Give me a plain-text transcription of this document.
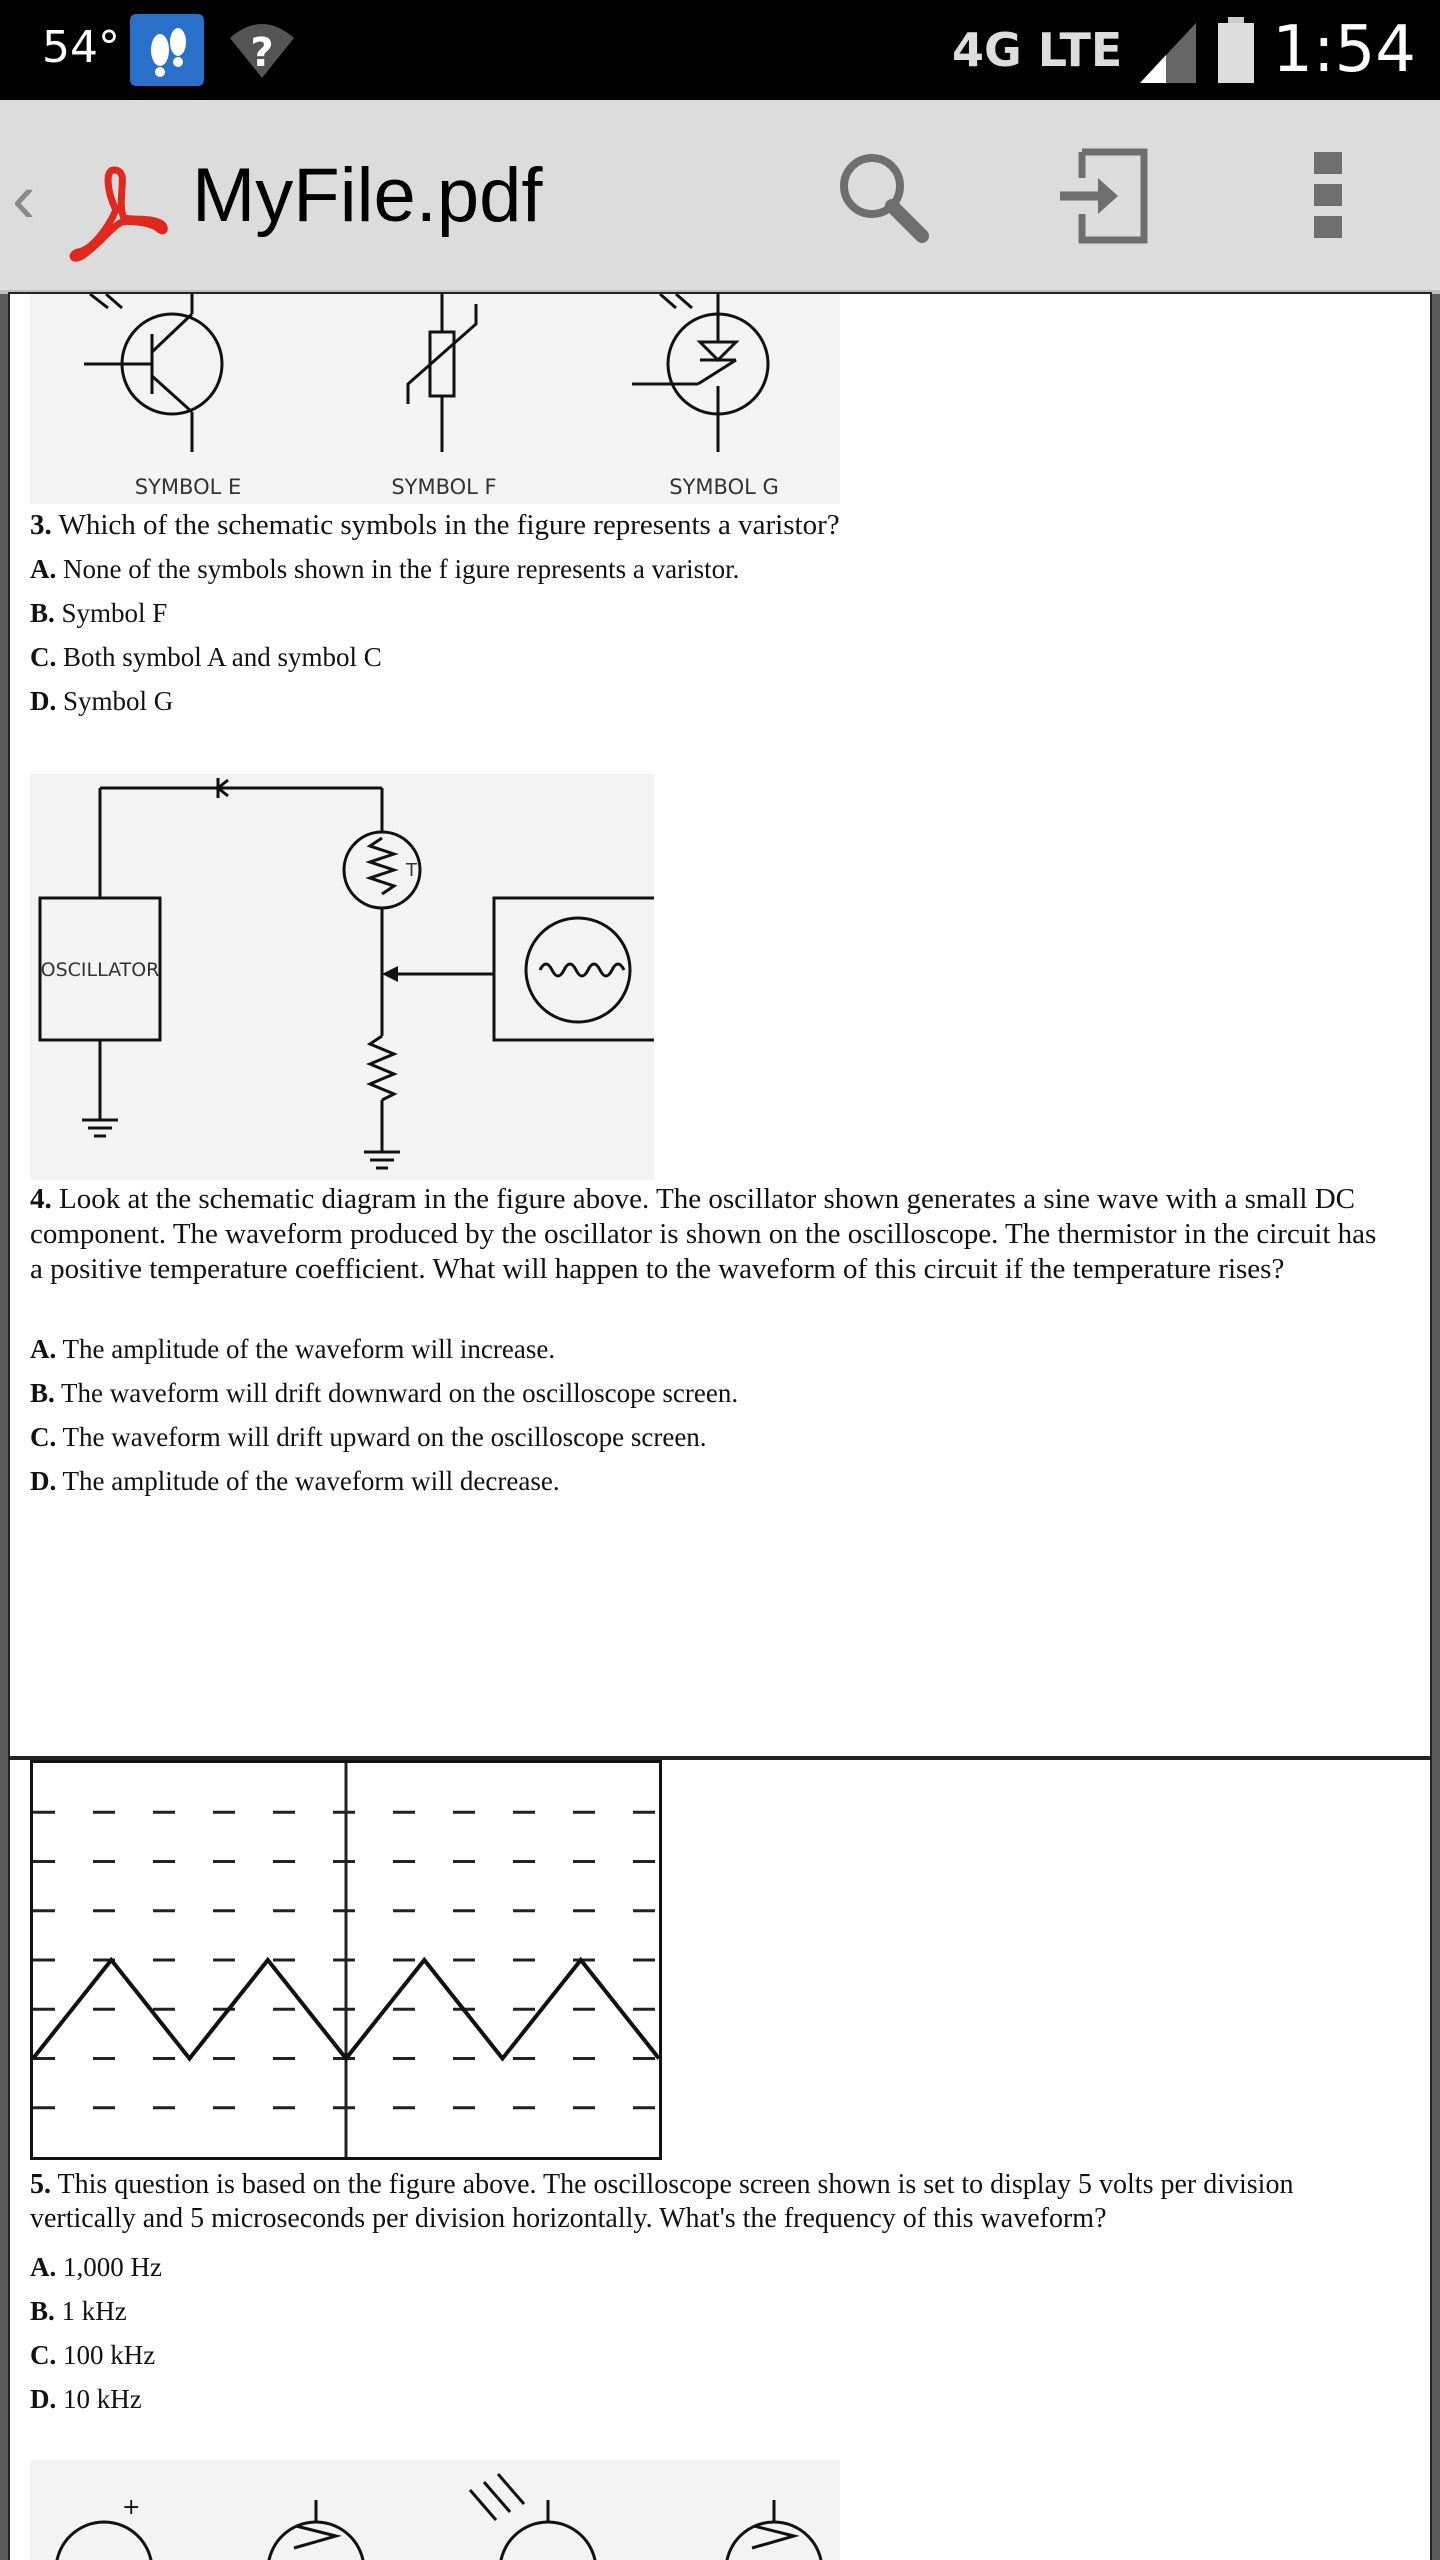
54°	?	4G LTE 1:54
‹ MyFile.pdf
SYMBOL E	SYMBOL F	SYMBOL G
3. Which of the schematic symbols in the figure represents a varistor?
A. None of the symbols shown in the f igure represents a varistor.
B. Symbol F
C. Both symbol A and symbol C
D. Symbol G
OSCILLATOR
T
4. Look at the schematic diagram in the figure above. The oscillator shown generates a sine wave with a small DC component. The waveform produced by the oscillator is shown on the oscilloscope. The thermistor in the circuit has a positive temperature coefficient. What will happen to the waveform of this circuit if the temperature rises?
A. The amplitude of the waveform will increase.
B. The waveform will drift downward on the oscilloscope screen.
C. The waveform will drift upward on the oscilloscope screen.
D. The amplitude of the waveform will decrease.
5. This question is based on the figure above. The oscilloscope screen shown is set to display 5 volts per division vertically and 5 microseconds per division horizontally. What's the frequency of this waveform?
A. 1,000 Hz
B. 1 kHz
C. 100 kHz
D. 10 kHz
+
